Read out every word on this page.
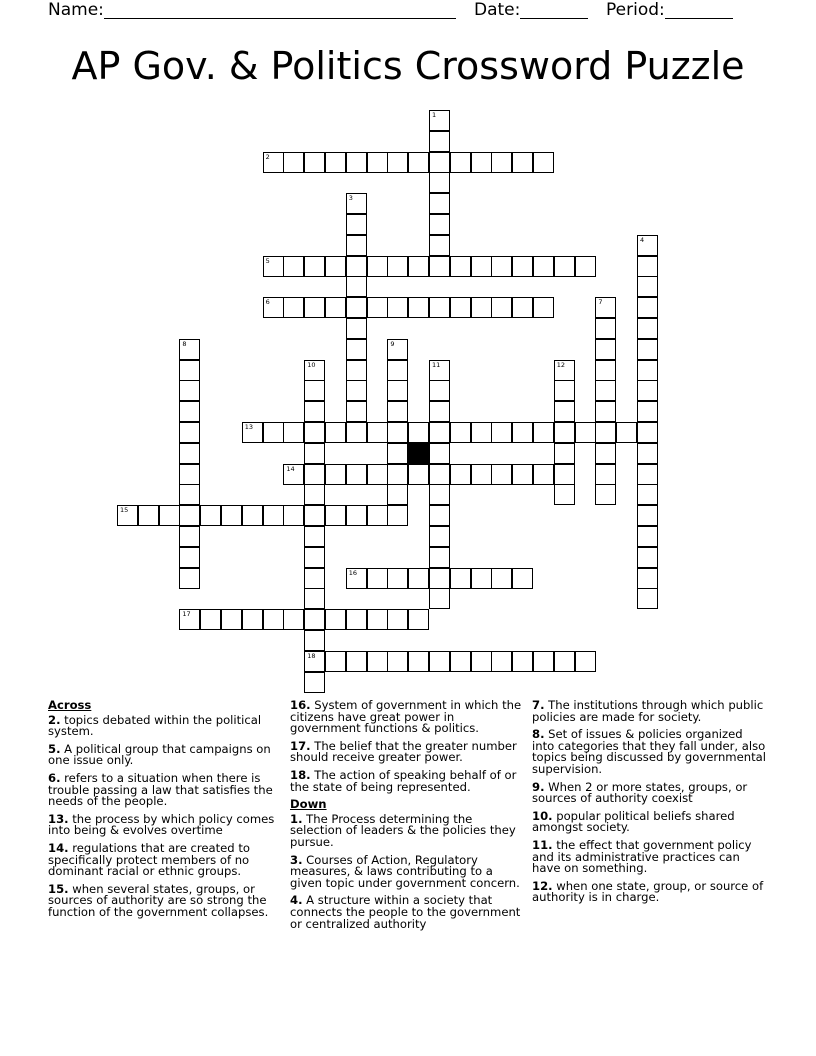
Name:	Date:	Period:
AP Gov. & Politics Crossword Puzzle
2
5
6
13
14
15
16
17
18
1
3
4
7
8	9
10	11	12
Across
2. topics debated within the political system.
5. A political group that campaigns on one issue only.
6. refers to a situation when there is trouble passing a law that satisfies the needs of the people.
13. the process by which policy comes into being & evolves overtime
14. regulations that are created to specifically protect members of no dominant racial or ethnic groups.
15. when several states, groups, or sources of authority are so strong the function of the government collapses.
16. System of government in which the citizens have great power in government functions & politics.
17. The belief that the greater number should receive greater power.
18. The action of speaking behalf of or the state of being represented.
Down
1. The Process determining the selection of leaders & the policies they pursue.
3. Courses of Action, Regulatory measures, & laws contributing to a given topic under government concern.
4. A structure within a society that connects the people to the government or centralized authority
7. The institutions through which public policies are made for society.
8. Set of issues & policies organized into categories that they fall under, also topics being discussed by governmental supervision.
9. When 2 or more states, groups, or sources of authority coexist
10. popular political beliefs shared amongst society.
11. the effect that government policy and its administrative practices can have on something.
12. when one state, group, or source of authority is in charge.
